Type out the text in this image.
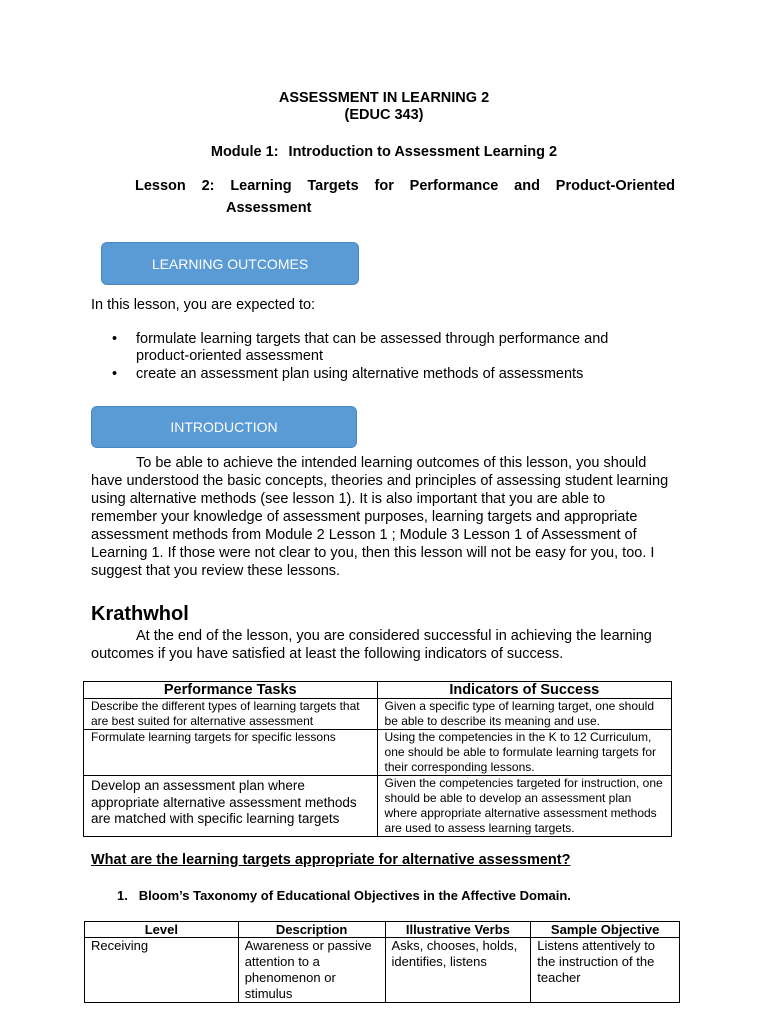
ASSESSMENT IN LEARNING 2
(EDUC 343)
Module 1: Introduction to Assessment Learning 2
Lesson 2: Learning Targets for Performance and Product-Oriented
Assessment
LEARNING OUTCOMES
In this lesson, you are expected to:
• formulate learning targets that can be assessed through performance and product-oriented assessment
• create an assessment plan using alternative methods of assessments
INTRODUCTION
To be able to achieve the intended learning outcomes of this lesson, you should have understood the basic concepts, theories and principles of assessing student learning using alternative methods (see lesson 1). It is also important that you are able to remember your knowledge of assessment purposes, learning targets and appropriate assessment methods from Module 2 Lesson 1 ; Module 3 Lesson 1 of Assessment of Learning 1. If those were not clear to you, then this lesson will not be easy for you, too. I suggest that you review these lessons.
Krathwhol
At the end of the lesson, you are considered successful in achieving the learning outcomes if you have satisfied at least the following indicators of success.
Performance Tasks	Indicators of Success
Describe the different types of learning targets that are best suited for alternative assessment	Given a specific type of learning target, one should be able to describe its meaning and use.
Formulate learning targets for specific lessons	Using the competencies in the K to 12 Curriculum, one should be able to formulate learning targets for their corresponding lessons.
Develop an assessment plan where appropriate alternative assessment methods are matched with specific learning targets	Given the competencies targeted for instruction, one should be able to develop an assessment plan where appropriate alternative assessment methods are used to assess learning targets.
What are the learning targets appropriate for alternative assessment?
1. Bloom’s Taxonomy of Educational Objectives in the Affective Domain.
Level	Description	Illustrative Verbs	Sample Objective
Receiving	Awareness or passive attention to a phenomenon or stimulus	Asks, chooses, holds, identifies, listens	Listens attentively to the instruction of the teacher
